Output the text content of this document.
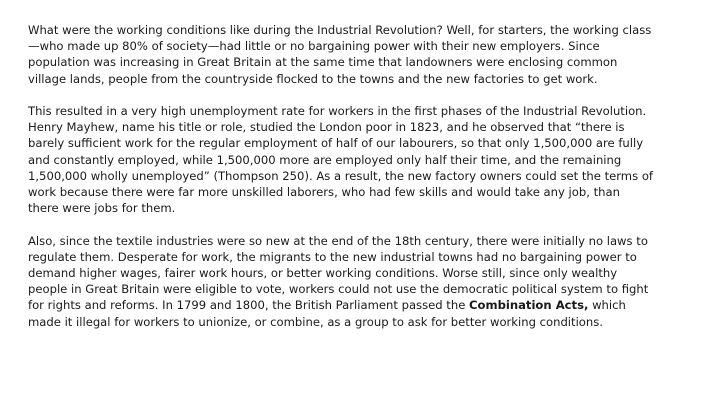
What were the working conditions like during the Industrial Revolution? Well, for starters, the working class—who made up 80% of society—had little or no bargaining power with their new employers. Since population was increasing in Great Britain at the same time that landowners were enclosing common village lands, people from the countryside flocked to the towns and the new factories to get work.

This resulted in a very high unemployment rate for workers in the first phases of the Industrial Revolution. Henry Mayhew, name his title or role, studied the London poor in 1823, and he observed that “there is barely sufficient work for the regular employment of half of our labourers, so that only 1,500,000 are fully and constantly employed, while 1,500,000 more are employed only half their time, and the remaining 1,500,000 wholly unemployed” (Thompson 250). As a result, the new factory owners could set the terms of work because there were far more unskilled laborers, who had few skills and would take any job, than there were jobs for them.

Also, since the textile industries were so new at the end of the 18th century, there were initially no laws to regulate them. Desperate for work, the migrants to the new industrial towns had no bargaining power to demand higher wages, fairer work hours, or better working conditions. Worse still, since only wealthy people in Great Britain were eligible to vote, workers could not use the democratic political system to fight for rights and reforms. In 1799 and 1800, the British Parliament passed the Combination Acts, which made it illegal for workers to unionize, or combine, as a group to ask for better working conditions.
